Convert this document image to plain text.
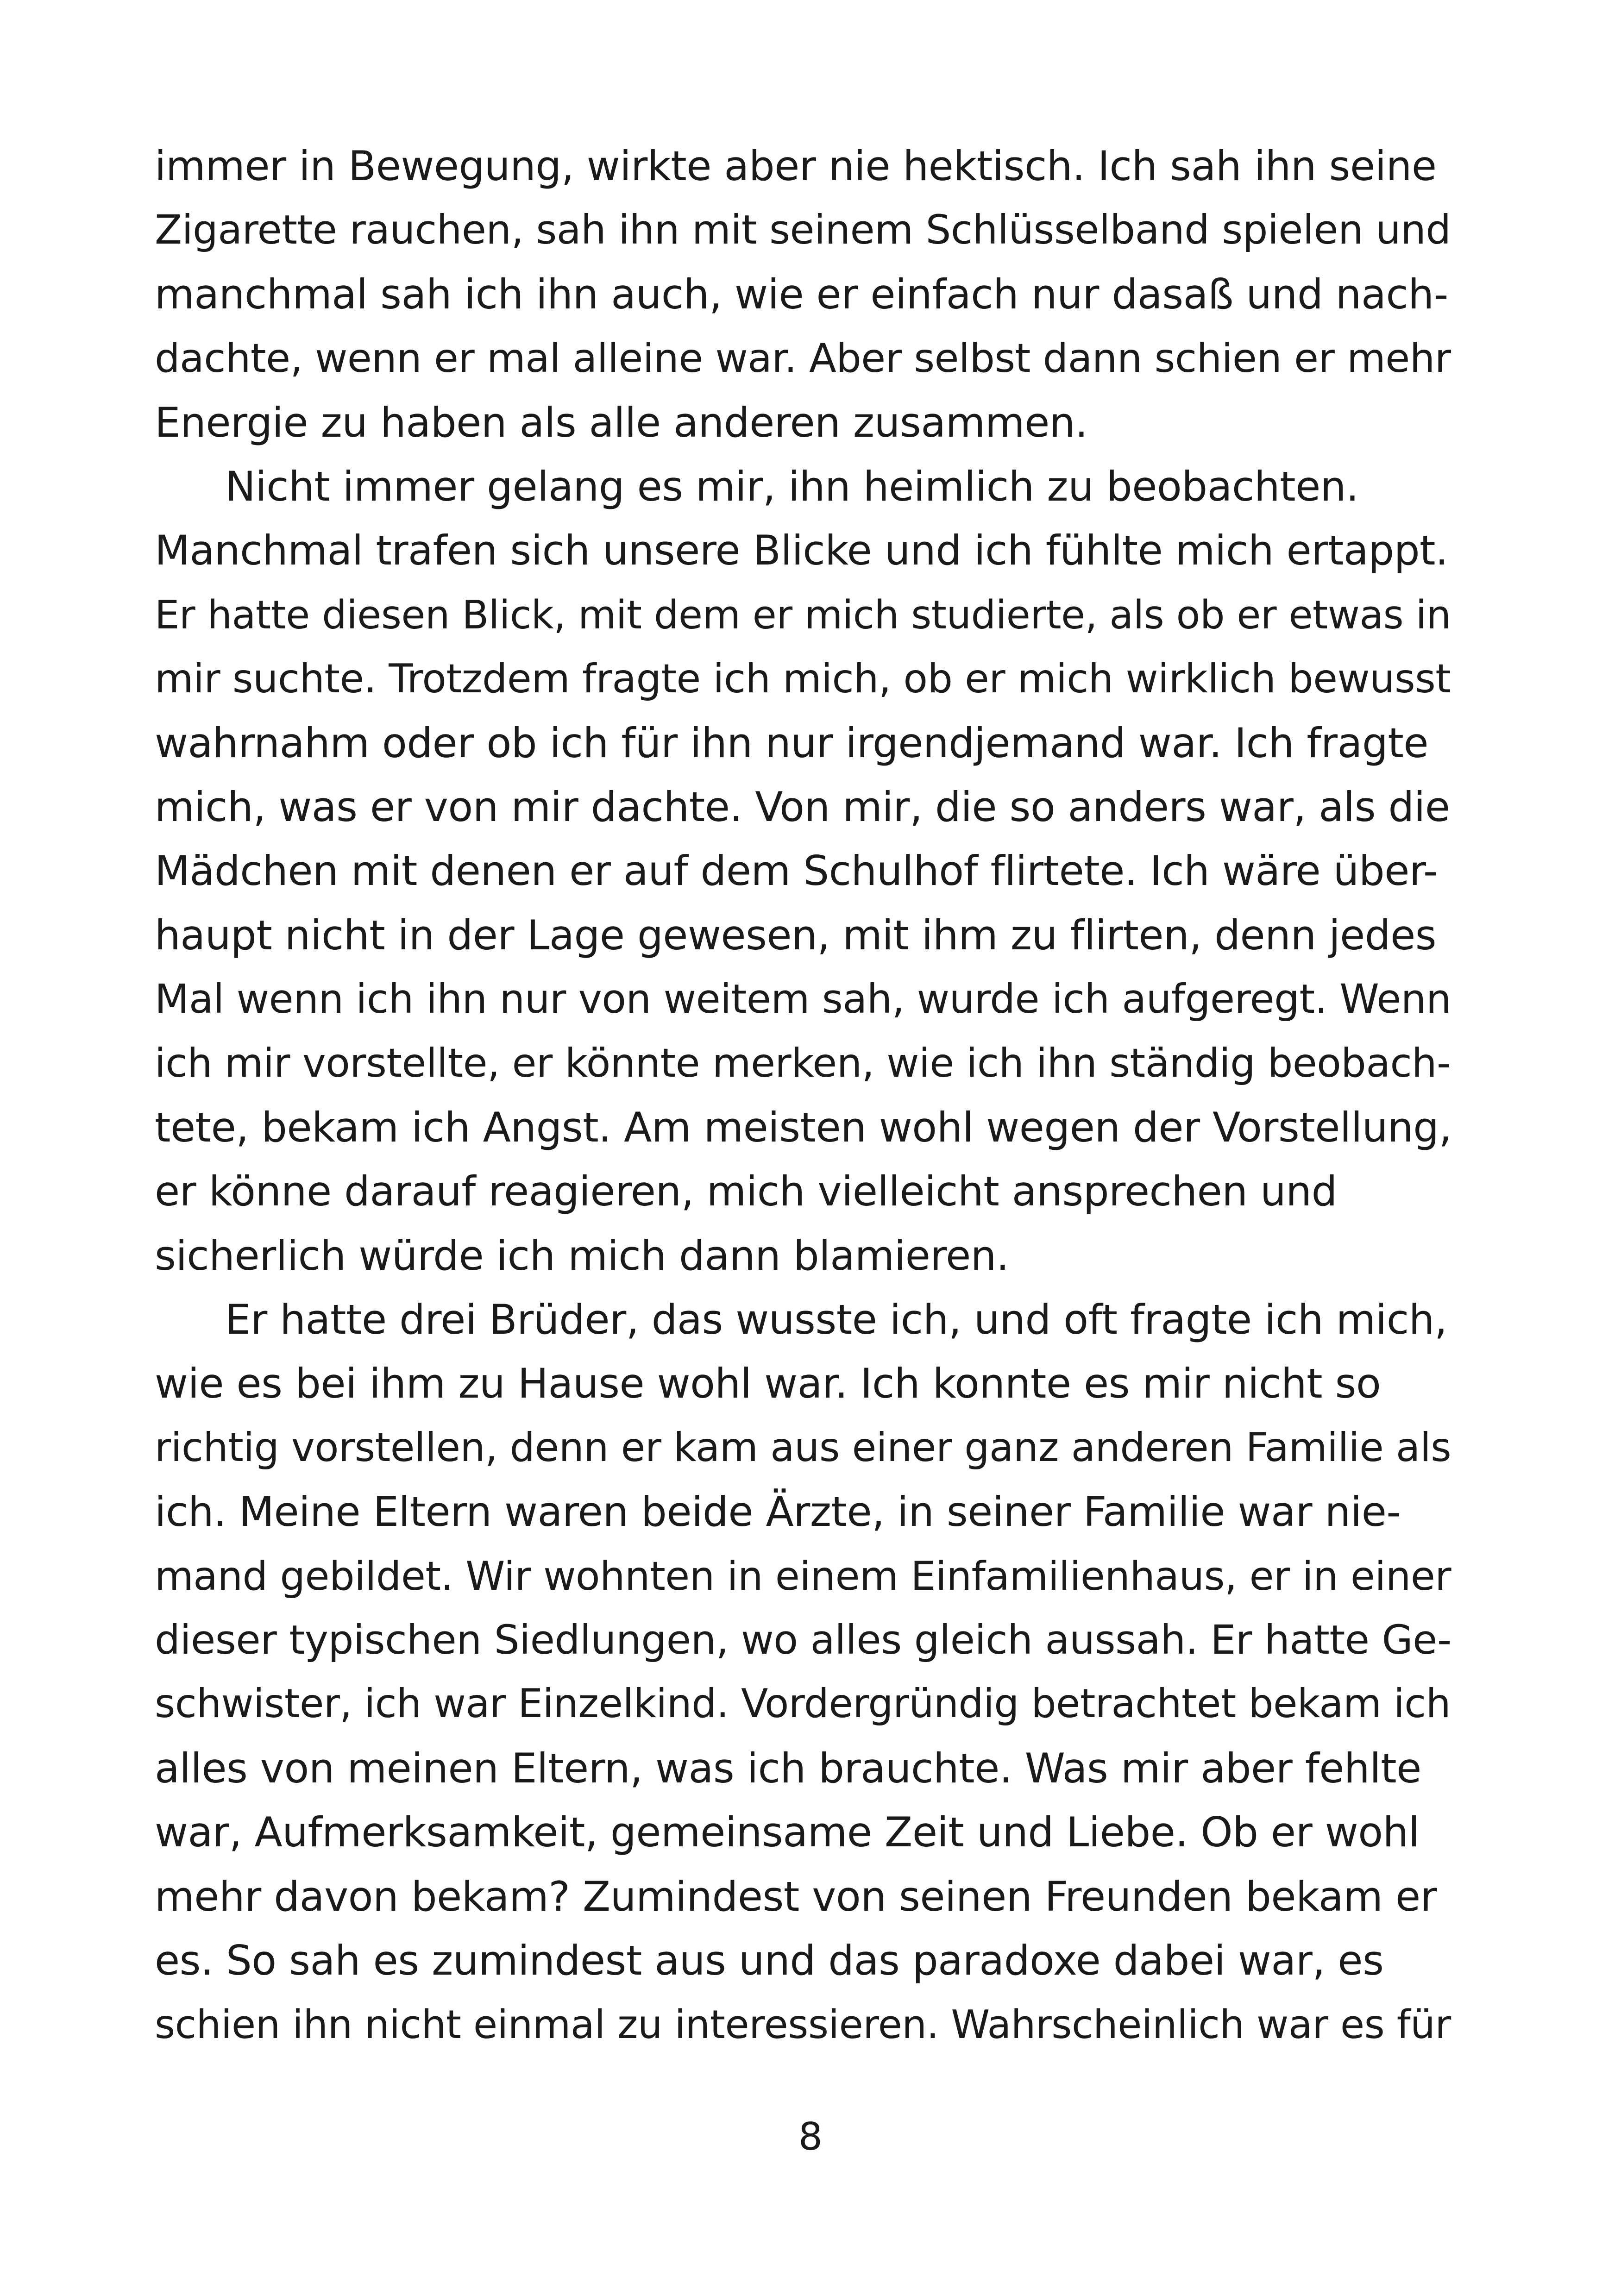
immer in Bewegung, wirkte aber nie hektisch. Ich sah ihn seine
Zigarette rauchen, sah ihn mit seinem Schlüsselband spielen und
manchmal sah ich ihn auch, wie er einfach nur dasaß und nach-
dachte, wenn er mal alleine war. Aber selbst dann schien er mehr
Energie zu haben als alle anderen zusammen.
Nicht immer gelang es mir, ihn heimlich zu beobachten.
Manchmal trafen sich unsere Blicke und ich fühlte mich ertappt.
Er hatte diesen Blick, mit dem er mich studierte, als ob er etwas in
mir suchte. Trotzdem fragte ich mich, ob er mich wirklich bewusst
wahrnahm oder ob ich für ihn nur irgendjemand war. Ich fragte
mich, was er von mir dachte. Von mir, die so anders war, als die
Mädchen mit denen er auf dem Schulhof flirtete. Ich wäre über-
haupt nicht in der Lage gewesen, mit ihm zu flirten, denn jedes
Mal wenn ich ihn nur von weitem sah, wurde ich aufgeregt. Wenn
ich mir vorstellte, er könnte merken, wie ich ihn ständig beobach-
tete, bekam ich Angst. Am meisten wohl wegen der Vorstellung,
er könne darauf reagieren, mich vielleicht ansprechen und
sicherlich würde ich mich dann blamieren.
Er hatte drei Brüder, das wusste ich, und oft fragte ich mich,
wie es bei ihm zu Hause wohl war. Ich konnte es mir nicht so
richtig vorstellen, denn er kam aus einer ganz anderen Familie als
ich. Meine Eltern waren beide Ärzte, in seiner Familie war nie-
mand gebildet. Wir wohnten in einem Einfamilienhaus, er in einer
dieser typischen Siedlungen, wo alles gleich aussah. Er hatte Ge-
schwister, ich war Einzelkind. Vordergründig betrachtet bekam ich
alles von meinen Eltern, was ich brauchte. Was mir aber fehlte
war, Aufmerksamkeit, gemeinsame Zeit und Liebe. Ob er wohl
mehr davon bekam? Zumindest von seinen Freunden bekam er
es. So sah es zumindest aus und das paradoxe dabei war, es
schien ihn nicht einmal zu interessieren. Wahrscheinlich war es für
8
